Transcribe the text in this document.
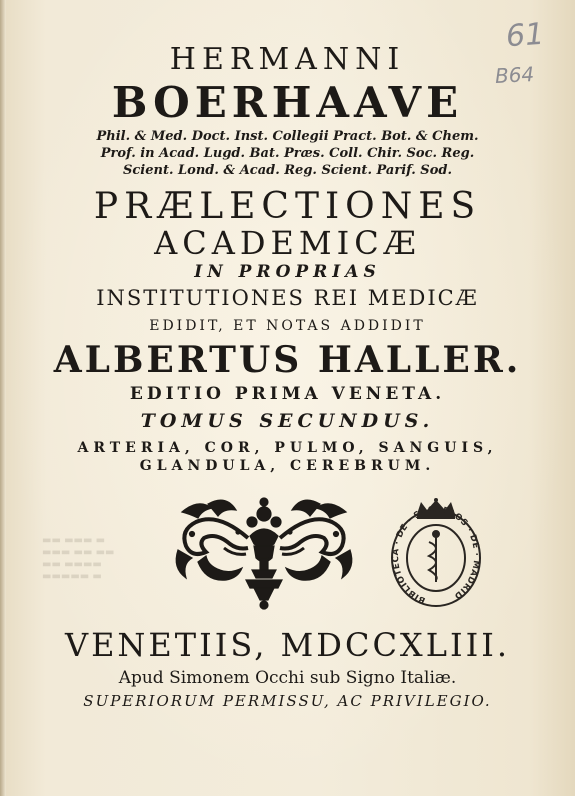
61
B64
HERMANNI
BOERHAAVE
Phil. & Med. Doct. Inst. Collegii Pract. Bot. & Chem.
Prof. in Acad. Lugd. Bat. Præs. Coll. Chir. Soc. Reg.
Scient. Lond. & Acad. Reg. Scient. Parif. Sod.
PRÆLECTIONES
ACADEMICÆ
IN PROPRIAS
INSTITUTIONES REI MEDICÆ
EDIDIT, ET NOTAS ADDIDIT
ALBERTUS HALLER.
EDITIO PRIMA VENETA.
TOMUS SECUNDUS.
ARTERIA, COR, PULMO, SANGUIS,
GLANDULA, CEREBRUM.
▬▬ ▬▬▬ ▬
▬▬▬ ▬▬ ▬▬
▬▬ ▬▬▬▬
▬▬▬▬▬ ▬
BIBLIOTECA · DE · S· CARLOS · DE · MADRID
VENETIIS, MDCCXLIII.
Apud Simonem Occhi sub Signo Italiæ.
SUPERIORUM PERMISSU, AC PRIVILEGIO.
